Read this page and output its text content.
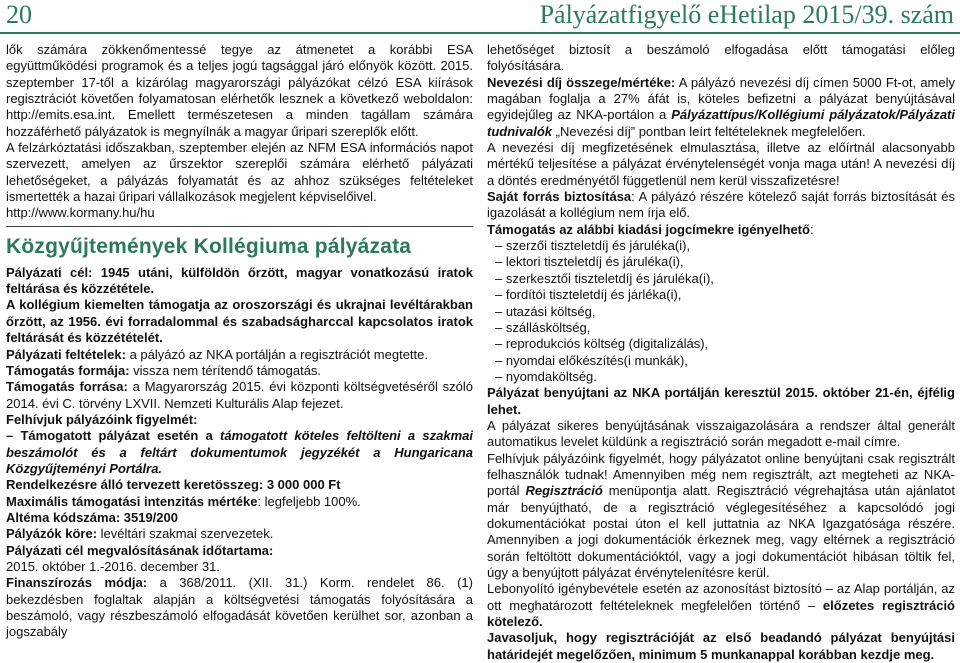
20	Pályázatfigyelő eHetilap 2015/39. szám

lők számára zökkenőmentessé tegye az átmenetet a korábbi ESA együttműködési programok és a teljes jogú tagsággal járó előnyök között. 2015. szeptember 17-től a kizárólag magyarországi pályázókat célzó ESA kiírások regisztrációt követően folyamatosan elérhetők lesznek a következő weboldalon: http://emits.esa.int. Emellett természetesen a minden tagállam számára hozzáférhető pályázatok is megnyílnák a magyar űripari szereplők előtt.

A felzárkóztatási időszakban, szeptember elején az NFM ESA információs napot szervezett, amelyen az űrszektor szereplői számára elérhető pályázati lehetőségeket, a pályázás folyamatát és az ahhoz szükséges feltételeket ismertették a hazai űripari vállalkozások megjelent képviselőivel.

http://www.kormany.hu/hu

Közgyűjtemények Kollégiuma pályázata

Pályázati cél: 1945 utáni, külföldön őrzött, magyar vonatkozású iratok feltárása és közzététele.

A kollégium kiemelten támogatja az oroszországi és ukrajnai levéltárakban őrzött, az 1956. évi forradalommal és szabadságharccal kapcsolatos iratok feltárását és közzétételét.

Pályázati feltételek: a pályázó az NKA portálján a regisztrációt megtette.

Támogatás formája: vissza nem térítendő támogatás.

Támogatás forrása: a Magyarország 2015. évi központi költségvetéséről szóló 2014. évi C. törvény LXVII. Nemzeti Kulturális Alap fejezet.

Felhívjuk pályázóink figyelmét:

– Támogatott pályázat esetén a támogatott köteles feltölteni a szakmai beszámolót és a feltárt dokumentumok jegyzékét a Hungaricana Közgyűjteményi Portálra.

Rendelkezésre álló tervezett keretösszeg: 3 000 000 Ft

Maximális támogatási intenzitás mértéke: legfeljebb 100%.

Altéma kódszáma: 3519/200

Pályázók köre: levéltári szakmai szervezetek.

Pályázati cél megvalósításának időtartama:

2015. október 1.-2016. december 31.

Finanszírozás módja: a 368/2011. (XII. 31.) Korm. rendelet 86. (1) bekezdésben foglaltak alapján a költségvetési támogatás folyósítására a beszámoló, vagy részbeszámoló elfogadását követően kerülhet sor, azonban a jogszabály

lehetőséget biztosít a beszámoló elfogadása előtt támogatási előleg folyósítására.

Nevezési díj összege/mértéke: A pályázó nevezési díj címen 5000 Ft-ot, amely magában foglalja a 27% áfát is, köteles befizetni a pályázat benyújtásával egyidejűleg az NKA-portálon a Pályázattípus/Kollégiumi pályázatok/Pályázati tudnivalók „Nevezési díj” pontban leírt feltételeknek megfelelően.

A nevezési díj megfizetésének elmulasztása, illetve az előírtnál alacsonyabb mértékű teljesítése a pályázat érvénytelenségét vonja maga után! A nevezési díj a döntés eredményétől függetlenül nem kerül visszafizetésre!

Saját forrás biztosítása: A pályázó részére kötelező saját forrás biztosítását és igazolását a kollégium nem írja elő.

Támogatás az alábbi kiadási jogcímekre igényelhető:

– szerzői tiszteletdíj és járuléka(i),

– lektori tiszteletdíj és járuléka(i),

– szerkesztői tiszteletdíj és járuléka(i),

– fordítói tiszteletdíj és járléka(i),

– utazási költség,

– szállásköltség,

– reprodukciós költség (digitalizálás),

– nyomdai előkészítés(i munkák),

– nyomdaköltség.

Pályázat benyújtani az NKA portálján keresztül 2015. október 21-én, éjfélig lehet.

A pályázat sikeres benyújtásának visszaigazolására a rendszer által generált automatikus levelet küldünk a regisztráció során megadott e-mail címre.

Felhívjuk pályázóink figyelmét, hogy pályázatot online benyújtani csak regisztrált felhasználók tudnak! Amennyiben még nem regisztrált, azt megteheti az NKA-portál Regisztráció menüpontja alatt. Regisztráció végrehajtása után ajánlatot már benyújtható, de a regisztráció véglegesítéséhez a kapcsolódó jogi dokumentációkat postai úton el kell juttatnia az NKA Igazgatósága részére. Amennyiben a jogi dokumentációk érkeznek meg, vagy eltérnek a regisztráció során feltöltött dokumentációktól, vagy a jogi dokumentációt hibásan töltik fel, úgy a benyújtott pályázat érvénytelenítésre kerül.

Lebonyolító igénybevétele esetén az azonosítást biztosító – az Alap portálján, az ott meghatározott feltételeknek megfelelően történő – előzetes regisztráció kötelező.

Javasoljuk, hogy regisztrációját az első beadandó pályázat benyújtási határidejét megelőzően, minimum 5 munkanappal korábban kezdje meg.
